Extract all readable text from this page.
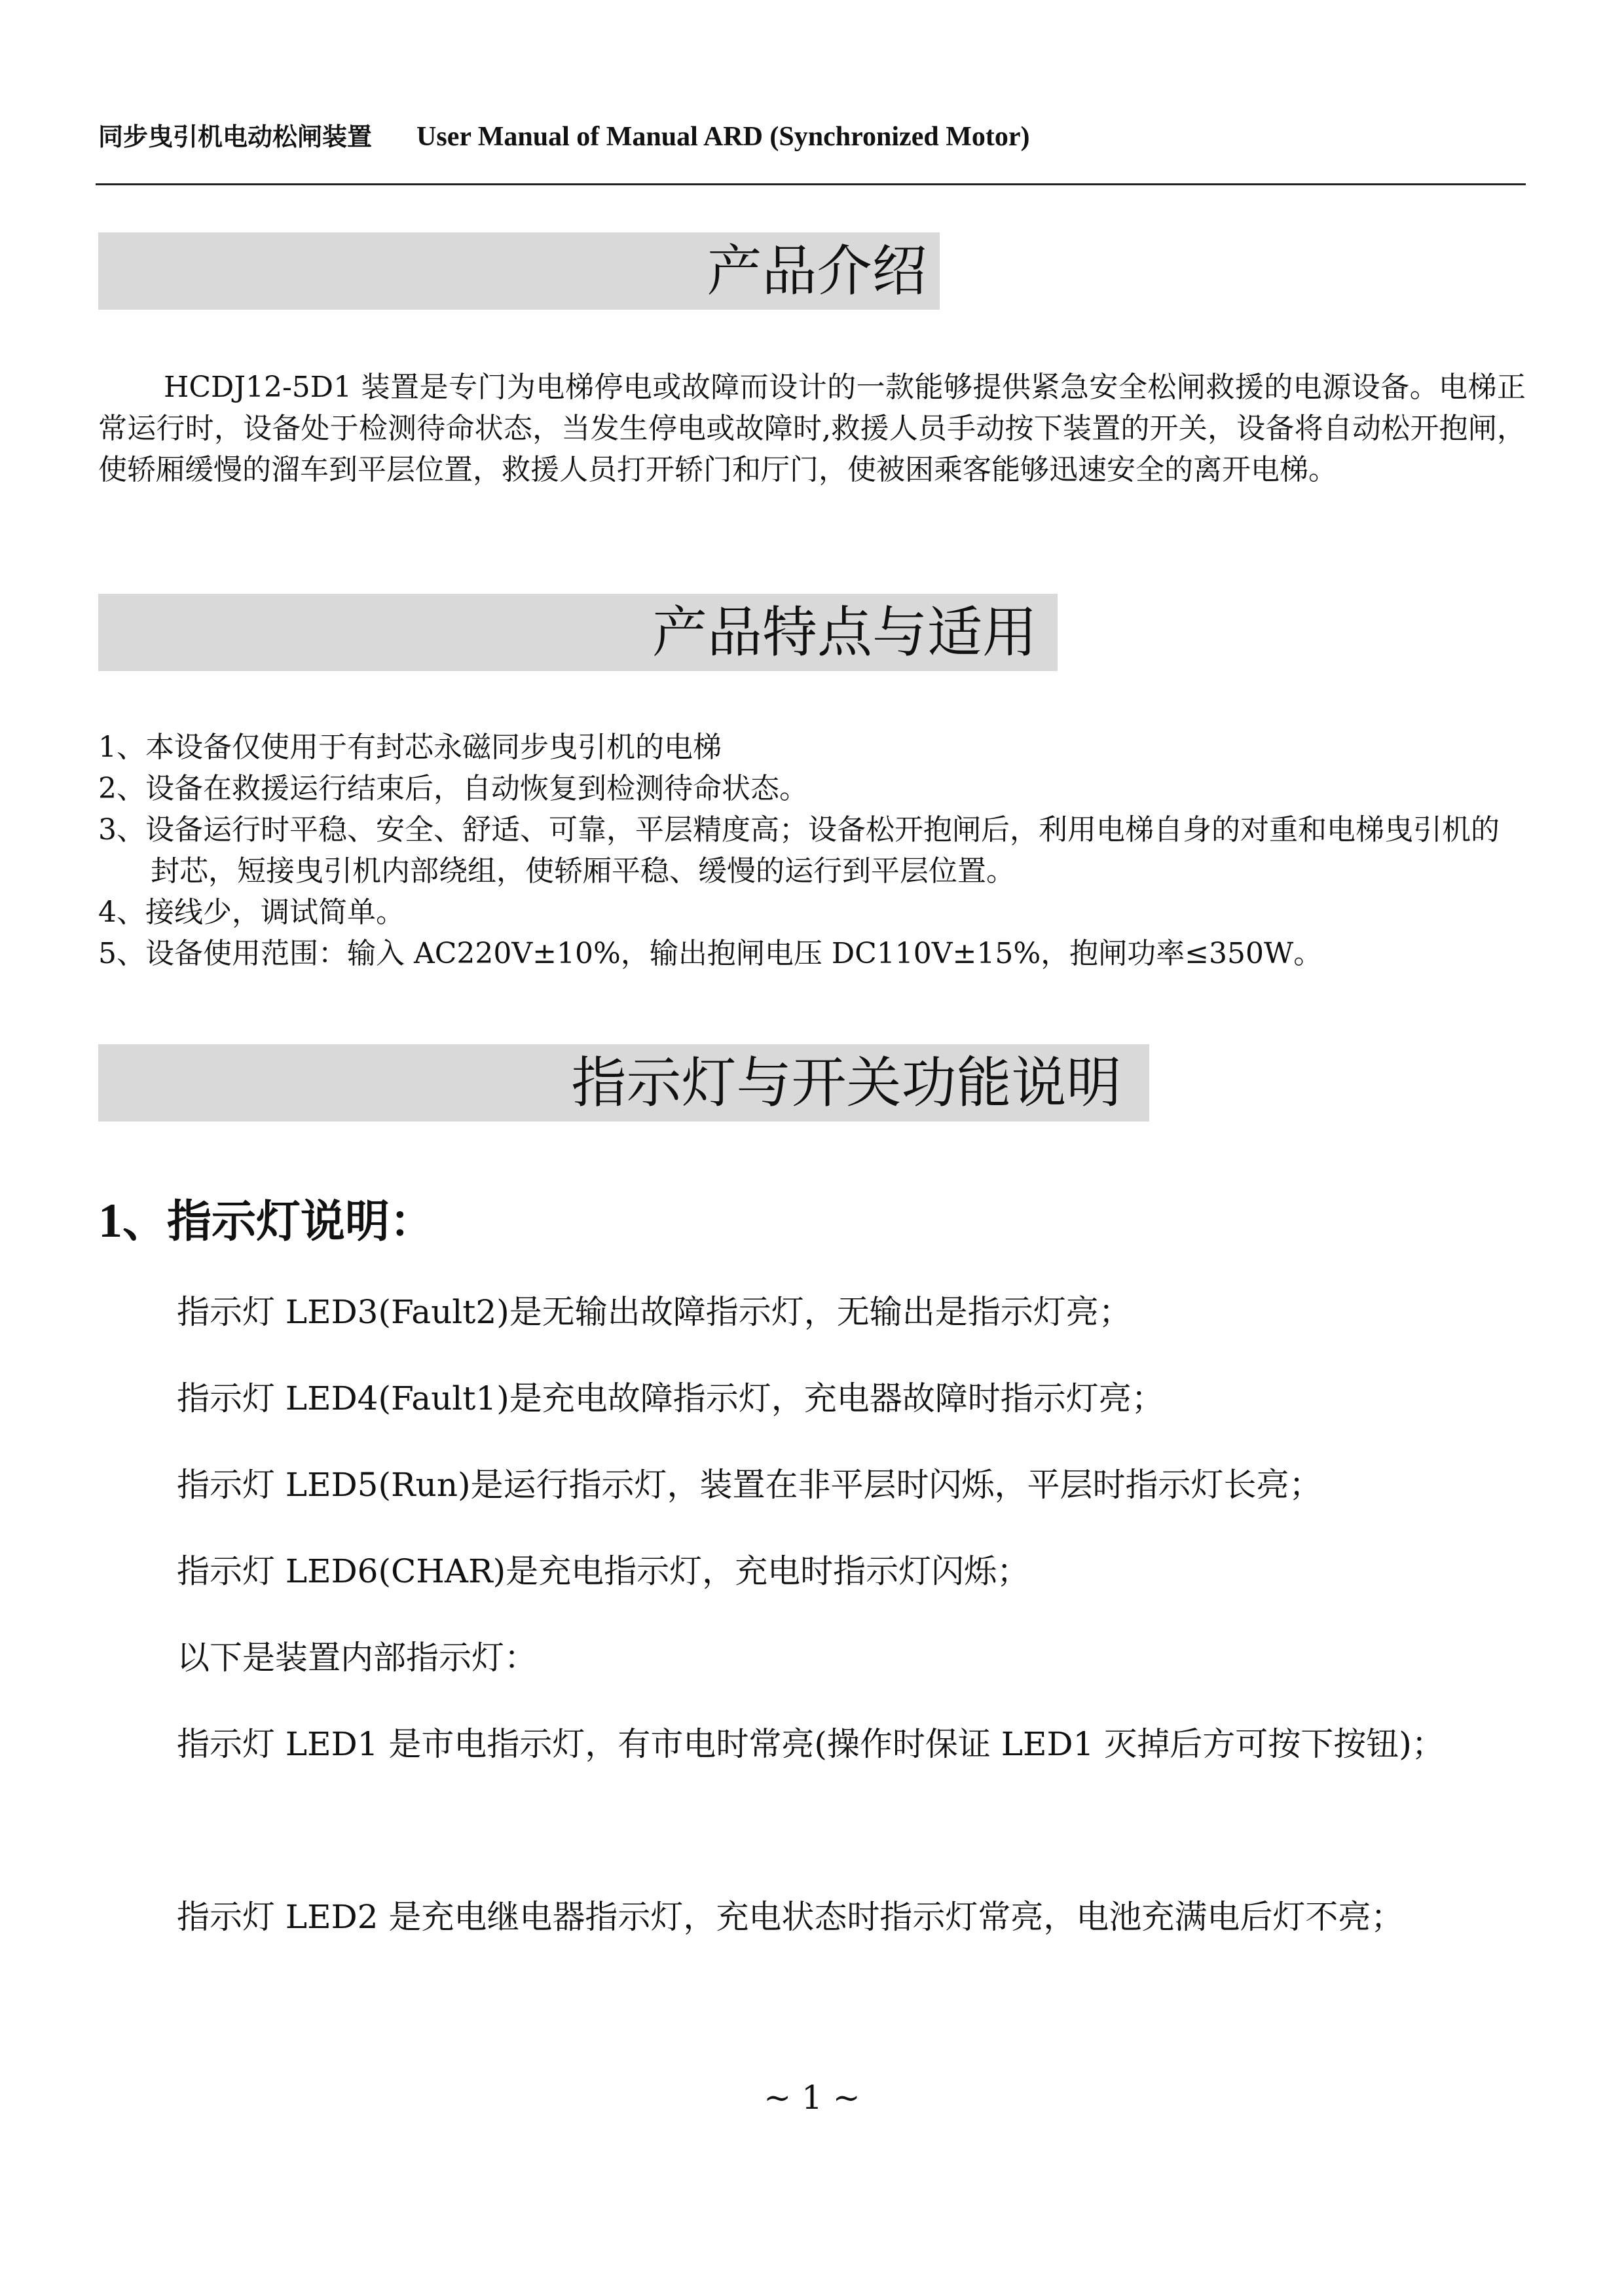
同步曳引机电动松闸装置 User Manual of Manual ARD (Synchronized Motor)
产品介绍

HCDJ12-5D1 装置是专门为电梯停电或故障而设计的一款能够提供紧急安全松闸救援的电源设备。电梯正常运行时，设备处于检测待命状态，当发生停电或故障时,救援人员手动按下装置的开关，设备将自动松开抱闸，使轿厢缓慢的溜车到平层位置，救援人员打开轿门和厅门，使被困乘客能够迅速安全的离开电梯。

产品特点与适用
1、本设备仅使用于有封芯永磁同步曳引机的电梯
2、设备在救援运行结束后，自动恢复到检测待命状态。
3、设备运行时平稳、安全、舒适、可靠，平层精度高；设备松开抱闸后，利用电梯自身的对重和电梯曳引机的封芯，短接曳引机内部绕组，使轿厢平稳、缓慢的运行到平层位置。
4、接线少，调试简单。
5、设备使用范围：输入 AC220V±10%，输出抱闸电压 DC110V±15%，抱闸功率≤350W。
指示灯与开关功能说明
1、指示灯说明：

指示灯 LED3(Fault2)是无输出故障指示灯，无输出是指示灯亮；

指示灯 LED4(Fault1)是充电故障指示灯，充电器故障时指示灯亮；

指示灯 LED5(Run)是运行指示灯，装置在非平层时闪烁，平层时指示灯长亮；

指示灯 LED6(CHAR)是充电指示灯，充电时指示灯闪烁；

以下是装置内部指示灯：

指示灯 LED1 是市电指示灯，有市电时常亮(操作时保证 LED1 灭掉后方可按下按钮)；

指示灯 LED2 是充电继电器指示灯，充电状态时指示灯常亮，电池充满电后灯不亮；

~ 1 ~
